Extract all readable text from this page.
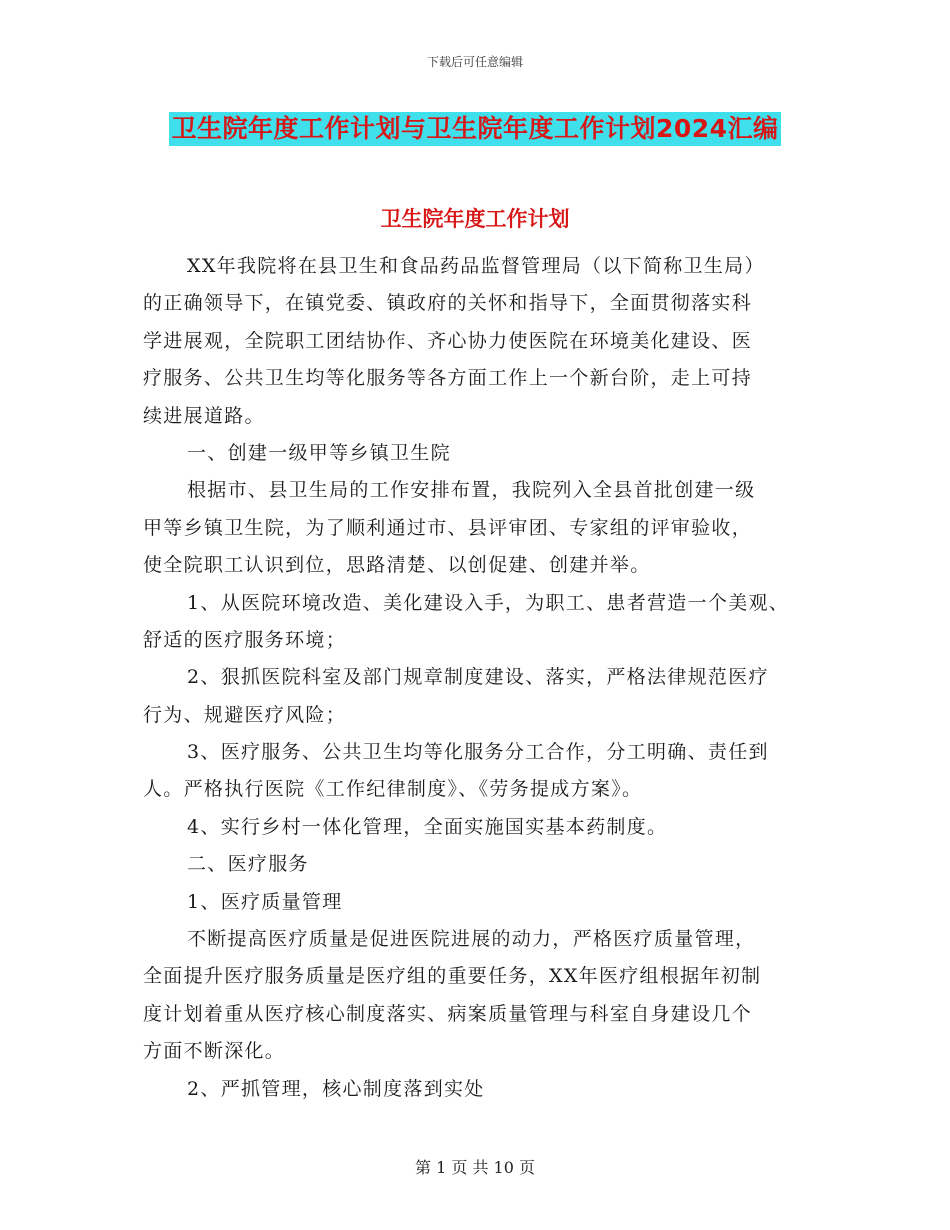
下载后可任意编辑
卫生院年度工作计划与卫生院年度工作计划2024汇编
卫生院年度工作计划
XX年我院将在县卫生和食品药品监督管理局（以下简称卫生局）
的正确领导下，在镇党委、镇政府的关怀和指导下，全面贯彻落实科
学进展观，全院职工团结协作、齐心协力使医院在环境美化建设、医
疗服务、公共卫生均等化服务等各方面工作上一个新台阶，走上可持
续进展道路。
一、创建一级甲等乡镇卫生院
根据市、县卫生局的工作安排布置，我院列入全县首批创建一级
甲等乡镇卫生院，为了顺利通过市、县评审团、专家组的评审验收，
使全院职工认识到位，思路清楚、以创促建、创建并举。
1、从医院环境改造、美化建设入手，为职工、患者营造一个美观、
舒适的医疗服务环境；
2、狠抓医院科室及部门规章制度建设、落实，严格法律规范医疗
行为、规避医疗风险；
3、医疗服务、公共卫生均等化服务分工合作，分工明确、责任到
人。严格执行医院《工作纪律制度》、《劳务提成方案》。
4、实行乡村一体化管理，全面实施国实基本药制度。
二、医疗服务
1、医疗质量管理
不断提高医疗质量是促进医院进展的动力，严格医疗质量管理，
全面提升医疗服务质量是医疗组的重要任务，XX年医疗组根据年初制
度计划着重从医疗核心制度落实、病案质量管理与科室自身建设几个
方面不断深化。
2、严抓管理，核心制度落到实处
第 1 页 共 10 页
